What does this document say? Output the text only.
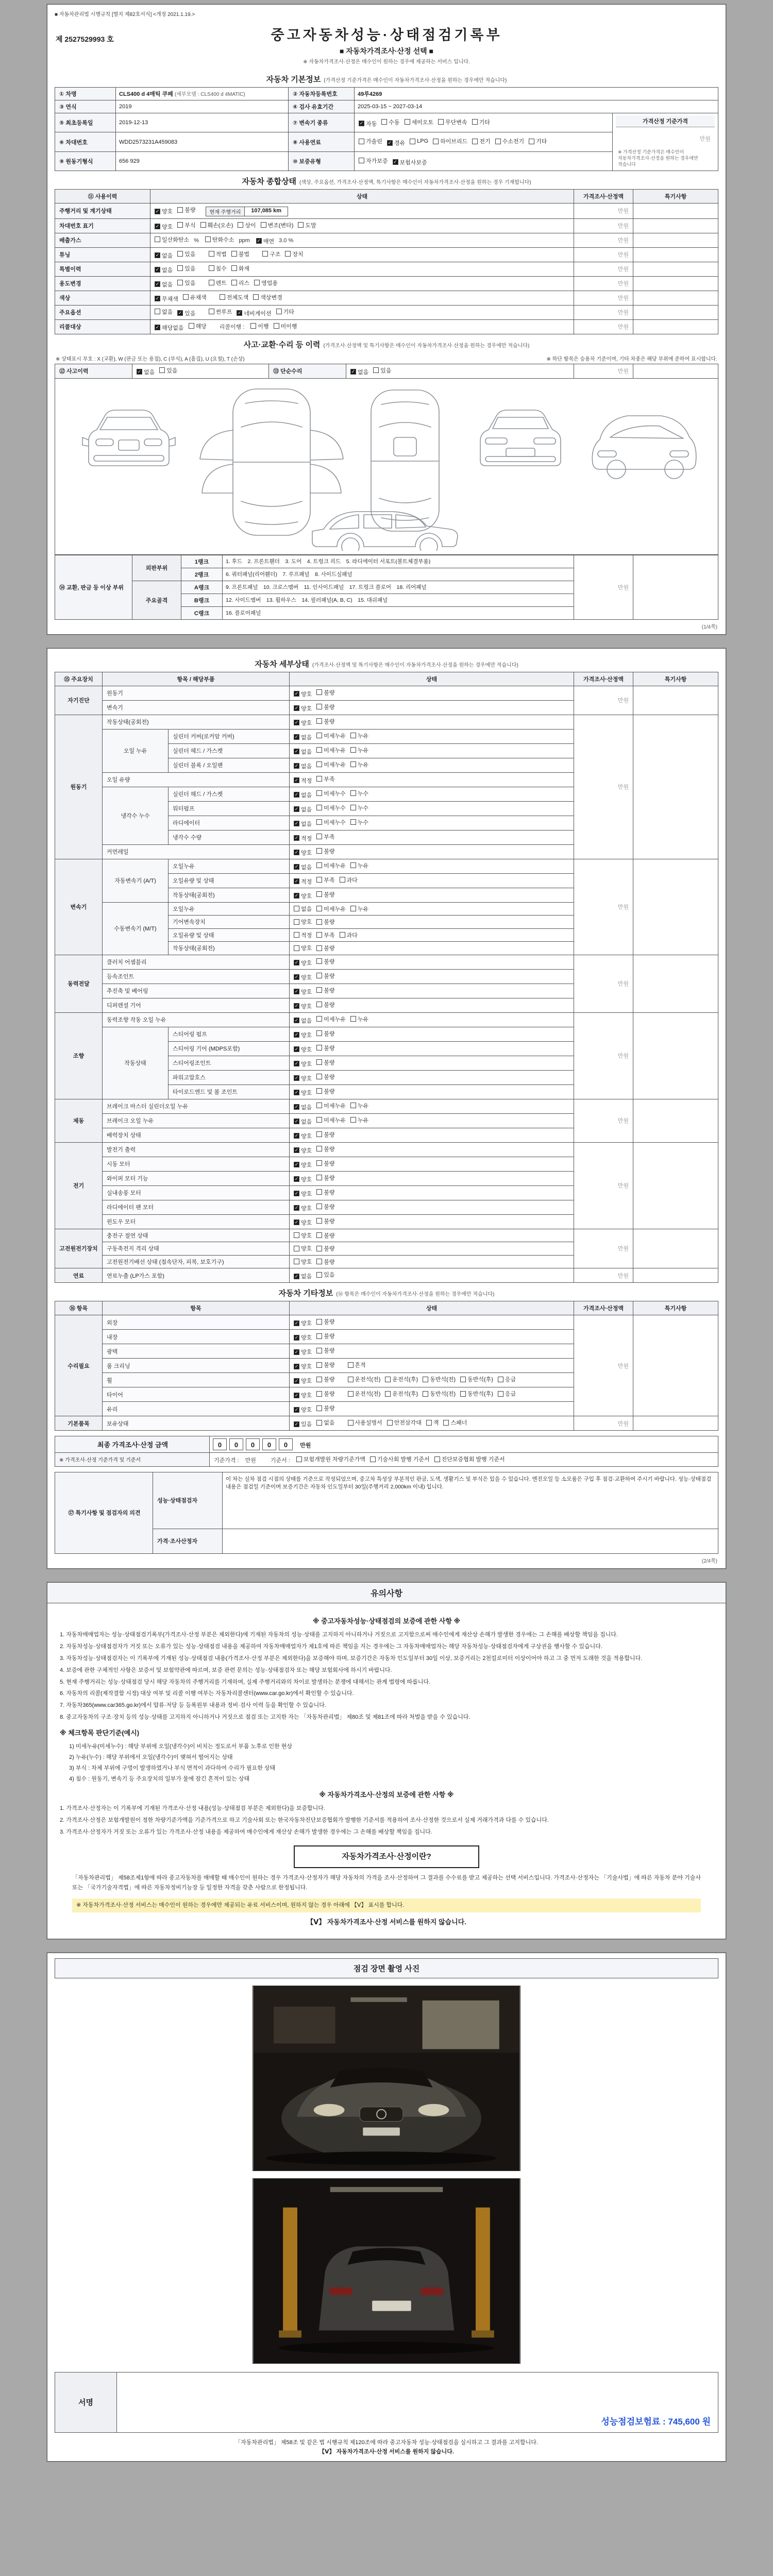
■ 자동차관리법 시행규칙 [별지 제82호서식] <개정 2021.1.19.>
제 2527529993 호	중고자동차성능·상태점검기록부
■ 자동차가격조사·산정 선택 ■
※ 자동차가격조사·산정은 매수인이 원하는 경우에 제공하는 서비스 입니다.
자동차 기본정보 (가격산정 기준가격은 매수인이 자동차가격조사·산정을 원하는 경우에만 적습니다)
① 차명	CLS400 d 4매틱 쿠페 (세부모델 : CLS400 d 4MATIC)	② 자동차등록번호	49루4269	
③ 연식	2019	④ 검사 유효기간	2025-03-15 ~ 2027-03-14	
⑤ 최초등록일	2019-12-13	⑦ 변속기 종류	✓ 자동 수동 세미오토 무단변속 기타	가격산정 기준가격
만원
※ 가격산정 기준가격은 매수인이 자동차가격조사·산정을 원하는 경우에만 적습니다

⑥ 차대번호	WDD2573231A459083	⑧ 사용연료	가솔린 ✓ 경유 LPG 하이브리드 전기 수소전기 기타

⑨ 원동기형식	656 929	⑩ 보증유형	자가보증 ✓ 보험사보증	
자동차 종합상태 (색상, 주요옵션, 가격조사·산정액, 특기사항은 매수인이 자동차가격조사·산정을 원하는 경우 기재합니다)
⑪ 사용이력	상태	가격조사·산정액	특기사항
주행거리 및 계기상태	✓ 양호 불량 현재 주행거리 107,085 km	만원	
차대번호 표기	✓ 양호 부식 훼손(오손) 상이 변조(변타) 도말	만원	
배출가스	일산화탄소 % 탄화수소 ppm ✓ 매연 3.0 %	만원	
튜닝	✓ 없음 있음	적법 불법	구조 장치	만원	
특별이력	✓ 없음 있음 침수 화재	만원	
용도변경	✓ 없음 있음	렌트 리스 영업용	만원	
색상	✓ 무채색 유채색 전체도색 색상변경	만원	
주요옵션	없음 ✓ 있음	썬루프 ✓ 네비게이션 기타	만원	
리콜대상	✓ 해당없음 해당 리콜이행 : 이행 미이행	만원	
사고·교환·수리 등 이력 (가격조사·산정액 및 특기사항은 매수인이 자동차가격조사·산정을 원하는 경우에만 적습니다)
※ 상태표시 부호 : X (교환), W (판금 또는 용접), C (부식), A (흠집), U (요철), T (손상)	※ 하단 항목은 승용차 기준이며, 기타 차종은 해당 부위에 준하여 표시합니다.
⑫ 사고이력	✓ 없음 있음	⑬ 단순수리	✓ 없음 있음	만원	

⑭ 교환, 판금 등 이상 부위	외판부위	1랭크	1. 후드　2. 프론트휀더　3. 도어　4. 트렁크 리드　5. 라디에이터 서포트(볼트체결부품)	만원	
		2랭크	6. 쿼터패널(리어휀더)　7. 루프패널　8. 사이드실패널		
	주요골격	A랭크	9. 프론트패널　10. 크로스멤버　11. 인사이드패널　17. 트렁크 플로어　18. 리어패널		
		B랭크	12. 사이드멤버　13. 휠하우스　14. 필러패널(A, B, C)　15. 대쉬패널		
		C랭크	16. 플로어패널		
(1/4쪽)
자동차 세부상태 (가격조사·산정액 및 특기사항은 매수인이 자동차가격조사·산정을 원하는 경우에만 적습니다)
⑮ 주요장치	항목 / 해당부품		상태	가격조사·산정액	특기사항
자기진단	원동기		✓ 양호 불량	만원	
	변속기		✓ 양호 불량		

원동기	작동상태(공회전)		✓ 양호 불량	만원	
	오일 누유	실린더 커버(로커암 커버)	✓ 없음 미세누유 누유		

		실린더 헤드 / 가스켓	✓ 없음 미세누유 누유		

		실린더 블록 / 오일팬	✓ 없음 미세누유 누유		

	오일 유량		✓ 적정 부족		

	냉각수 누수	실린더 헤드 / 가스켓	✓ 없음 미세누수 누수		

		워터펌프	✓ 없음 미세누수 누수		

		라디에이터	✓ 없음 미세누수 누수		

		냉각수 수량	✓ 적정 부족		

	커먼레일		✓ 양호 불량		

변속기	자동변속기 (A/T)	오일누유	✓ 없음 미세누유 누유	만원	
		오일유량 및 상태	✓ 적정 부족 과다		

		작동상태(공회전)	✓ 양호 불량		

	수동변속기 (M/T)	오일누유	없음 미세누유 누유		

		기어변속장치	양호 불량		

		오일유량 및 상태	적정 부족 과다		

		작동상태(공회전)	양호 불량		

동력전달	클러치 어셈블리		✓ 양호 불량	만원	
	등속조인트		✓ 양호 불량		

	추진축 및 베어링		✓ 양호 불량		

	디퍼렌셜 기어		✓ 양호 불량		

조향	동력조향 작동 오일 누유		✓ 없음 미세누유 누유	만원	
	작동상태	스티어링 펌프	✓ 양호 불량		

		스티어링 기어 (MDPS포함)	✓ 양호 불량		

		스티어링조인트	✓ 양호 불량		

		파워고압호스	✓ 양호 불량		

		타이로드엔드 및 볼 조인트	✓ 양호 불량		

제동	브레이크 마스터 실린더오일 누유		✓ 없음 미세누유 누유	만원	
	브레이크 오일 누유		✓ 없음 미세누유 누유		

	배력장치 상태		✓ 양호 불량		

전기	발전기 출력		✓ 양호 불량	만원	
	시동 모터		✓ 양호 불량		

	와이퍼 모터 기능		✓ 양호 불량		

	실내송풍 모터		✓ 양호 불량		

	라디에이터 팬 모터		✓ 양호 불량		

	윈도우 모터		✓ 양호 불량		

고전원전기장치	충전구 절연 상태		양호 불량	만원	
	구동축전지 격리 상태		양호 불량		

	고전원전기배선 상태 (접속단자, 피복, 보호기구)		양호 불량		

연료	연료누출 (LP가스 포함)		✓ 없음 있음	만원	
자동차 기타정보 (⑯ 항목은 매수인이 자동차가격조사·산정을 원하는 경우에만 적습니다)
⑯ 항목	항목	상태	가격조사·산정액	특기사항
수리필요	외장	✓ 양호 불량	만원	
	내장	✓ 양호 불량		

	광택	✓ 양호 불량		

	룸 크리닝	✓ 양호 불량 흔적		

휠	✓ 양호 불량	운전석(전) 운전석(후) 동반석(전) 동반석(후) 응급

타이어	✓ 양호 불량	운전석(전) 운전석(후) 동반석(전) 동반석(후) 응급

	유리	✓ 양호 불량		

기본품목	보유상태	✓ 있음 없음	사용설명서 안전삼각대 잭 스패너	만원	
최종 가격조사·산정 금액	0 0 0 0 0 만원
※ 가격조사·산정 기준가격 및 기준서	기준가격 : 만원 기준서 : 보험개발원 차량기준가액 기술사회 발행 기준서 진단보증협회 발행 기준서
⑰ 특기사항 및 점검자의 의견	성능·상태점검자	이 차는 실차 점검 시점의 상태를 기준으로 작성되었으며, 중고차 특성상 부분적인 판금, 도색, 생활기스 및 부식은 있을 수 있습니다. 엔진오일 등 소모품은 구입 후 점검·교환하여 주시기 바랍니다. 성능·상태점검 내용은 점검일 기준이며 보증기간은 자동차 인도일부터 30일(주행거리 2,000km 이내) 입니다.
	가격·조사산정자	
(2/4쪽)
유의사항
※ 중고자동차성능·상태점검의 보증에 관한 사항 ※
1. 자동차매매업자는 성능·상태점검기록부(가격조사·산정 부분은 제외한다)에 기재된 자동차의 성능·상태를 고지하지 아니하거나 거짓으로 고지함으로써 매수인에게 재산상 손해가 발생한 경우에는 그 손해를 배상할 책임을 집니다.
2. 자동차성능·상태점검자가 거짓 또는 오류가 있는 성능·상태점검 내용을 제공하여 자동차매매업자가 제1호에 따른 책임을 지는 경우에는 그 자동차매매업자는 해당 자동차성능·상태점검자에게 구상권을 행사할 수 있습니다.
3. 자동차성능·상태점검자는 이 기록부에 기재된 성능·상태점검 내용(가격조사·산정 부분은 제외한다)을 보증해야 하며, 보증기간은 자동차 인도일부터 30일 이상, 보증거리는 2천킬로미터 이상이어야 하고 그 중 먼저 도래한 것을 적용합니다.
4. 보증에 관한 구체적인 사항은 보증서 및 보험약관에 따르며, 보증 관련 문의는 성능·상태점검자 또는 해당 보험회사에 하시기 바랍니다.
5. 현재 주행거리는 성능·상태점검 당시 해당 자동차의 주행거리를 기재하며, 실제 주행거리와의 차이로 발생하는 분쟁에 대해서는 관계 법령에 따릅니다.
6. 자동차의 리콜(제작결함 시정) 대상 여부 및 리콜 이행 여부는 자동차리콜센터(www.car.go.kr)에서 확인할 수 있습니다.
7. 자동차365(www.car365.go.kr)에서 압류·저당 등 등록원부 내용과 정비·검사 이력 등을 확인할 수 있습니다.
8. 중고자동차의 구조·장치 등의 성능·상태를 고지하지 아니하거나 거짓으로 점검 또는 고지한 자는 「자동차관리법」 제80조 및 제81조에 따라 처벌을 받을 수 있습니다.
※ 체크항목 판단기준(예시)
1) 미세누유(미세누수) : 해당 부위에 오일(냉각수)이 비치는 정도로서 부품 노후로 인한 현상
2) 누유(누수) : 해당 부위에서 오일(냉각수)이 맺혀서 떨어지는 상태
3) 부식 : 차체 부위에 구멍이 발생하였거나 부식 면적이 과다하여 수리가 필요한 상태
4) 침수 : 원동기, 변속기 등 주요장치의 일부가 물에 잠긴 흔적이 있는 상태
※ 자동차가격조사·산정의 보증에 관한 사항 ※
1. 가격조사·산정자는 이 기록부에 기재된 가격조사·산정 내용(성능·상태점검 부분은 제외한다)을 보증합니다.
2. 가격조사·산정은 보험개발원이 정한 차량기준가액을 기준가격으로 하고 기술사회 또는 한국자동차진단보증협회가 발행한 기준서를 적용하여 조사·산정한 것으로서 실제 거래가격과 다를 수 있습니다.
3. 가격조사·산정자가 거짓 또는 오류가 있는 가격조사·산정 내용을 제공하여 매수인에게 재산상 손해가 발생한 경우에는 그 손해를 배상할 책임을 집니다.
자동차가격조사·산정이란?
「자동차관리법」 제58조제1항에 따라 중고자동차를 매매할 때 매수인이 원하는 경우 가격조사·산정자가 해당 자동차의 가격을 조사·산정하여 그 결과를 수수료를 받고 제공하는 선택 서비스입니다. 가격조사·산정자는 「기술사법」에 따른 자동차 분야 기술사 또는 「국가기술자격법」에 따른 자동차정비기능장 등 일정한 자격을 갖춘 사람으로 한정됩니다.
※ 자동차가격조사·산정 서비스는 매수인이 원하는 경우에만 제공되는 유료 서비스이며, 원하지 않는 경우 아래에 【Ⅴ】 표시를 합니다.
【Ⅴ】 자동차가격조사·산정 서비스를 원하지 않습니다.
점검 장면 촬영 사진
서명
성능점검보험료 : 745,600 원
「자동차관리법」 제58조 및 같은 법 시행규칙 제120조에 따라 중고자동차 성능·상태점검을 실시하고 그 결과를 고지합니다.
【Ⅴ】 자동차가격조사·산정 서비스를 원하지 않습니다.
